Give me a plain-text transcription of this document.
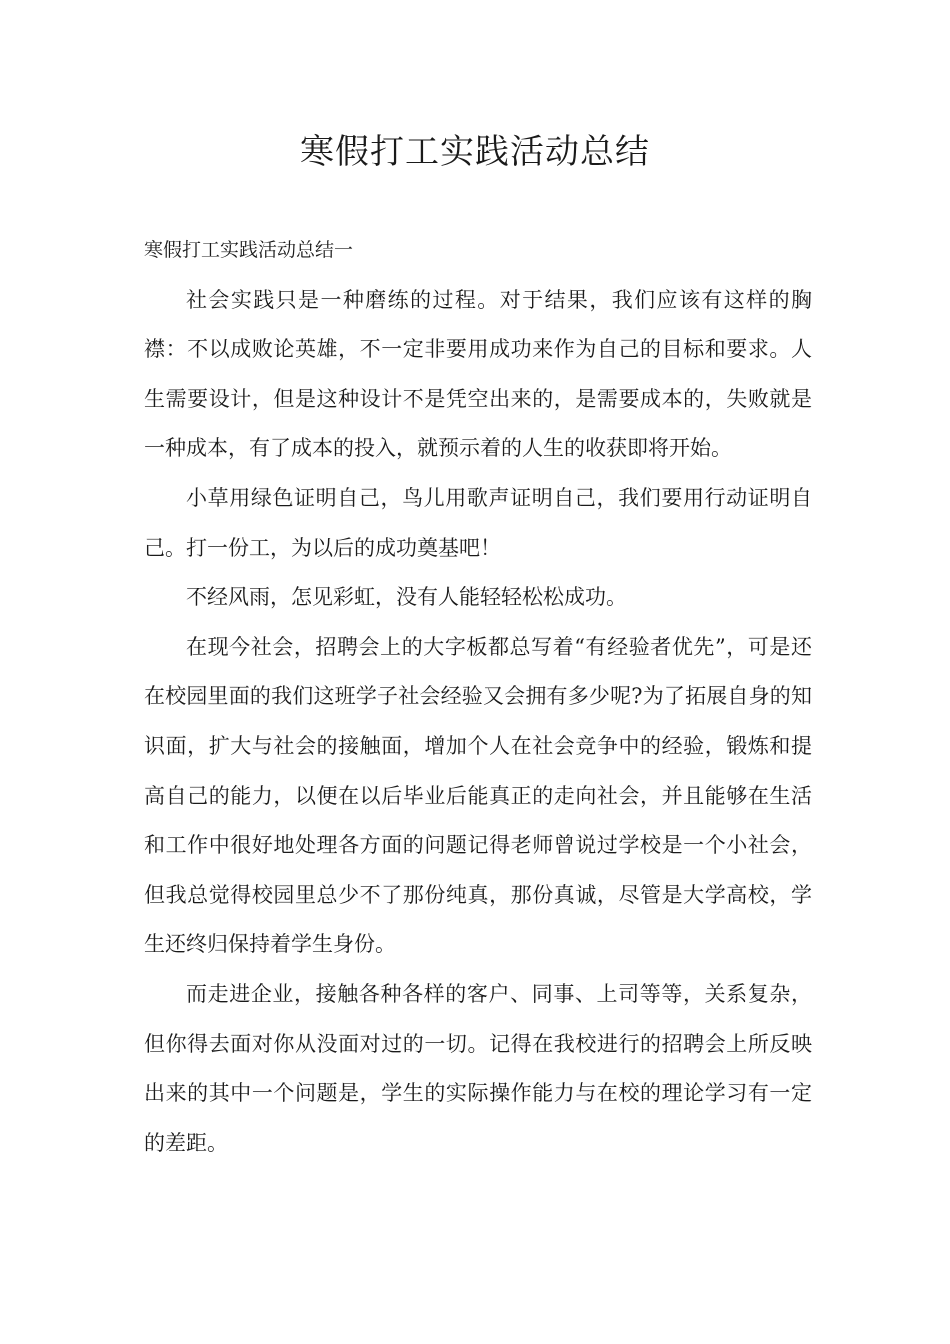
寒假打工实践活动总结

寒假打工实践活动总结一

社会实践只是一种磨练的过程。对于结果，我们应该有这样的胸襟：不以成败论英雄，不一定非要用成功来作为自己的目标和要求。人生需要设计，但是这种设计不是凭空出来的，是需要成本的，失败就是一种成本，有了成本的投入，就预示着的人生的收获即将开始。

小草用绿色证明自己，鸟儿用歌声证明自己，我们要用行动证明自己。打一份工，为以后的成功奠基吧！

不经风雨，怎见彩虹，没有人能轻轻松松成功。

在现今社会，招聘会上的大字板都总写着“有经验者优先”，可是还在校园里面的我们这班学子社会经验又会拥有多少呢?为了拓展自身的知识面，扩大与社会的接触面，增加个人在社会竞争中的经验，锻炼和提高自己的能力，以便在以后毕业后能真正的走向社会，并且能够在生活和工作中很好地处理各方面的问题记得老师曾说过学校是一个小社会，但我总觉得校园里总少不了那份纯真，那份真诚，尽管是大学高校，学生还终归保持着学生身份。

而走进企业，接触各种各样的客户、同事、上司等等，关系复杂，但你得去面对你从没面对过的一切。记得在我校进行的招聘会上所反映出来的其中一个问题是，学生的实际操作能力与在校的理论学习有一定的差距。
